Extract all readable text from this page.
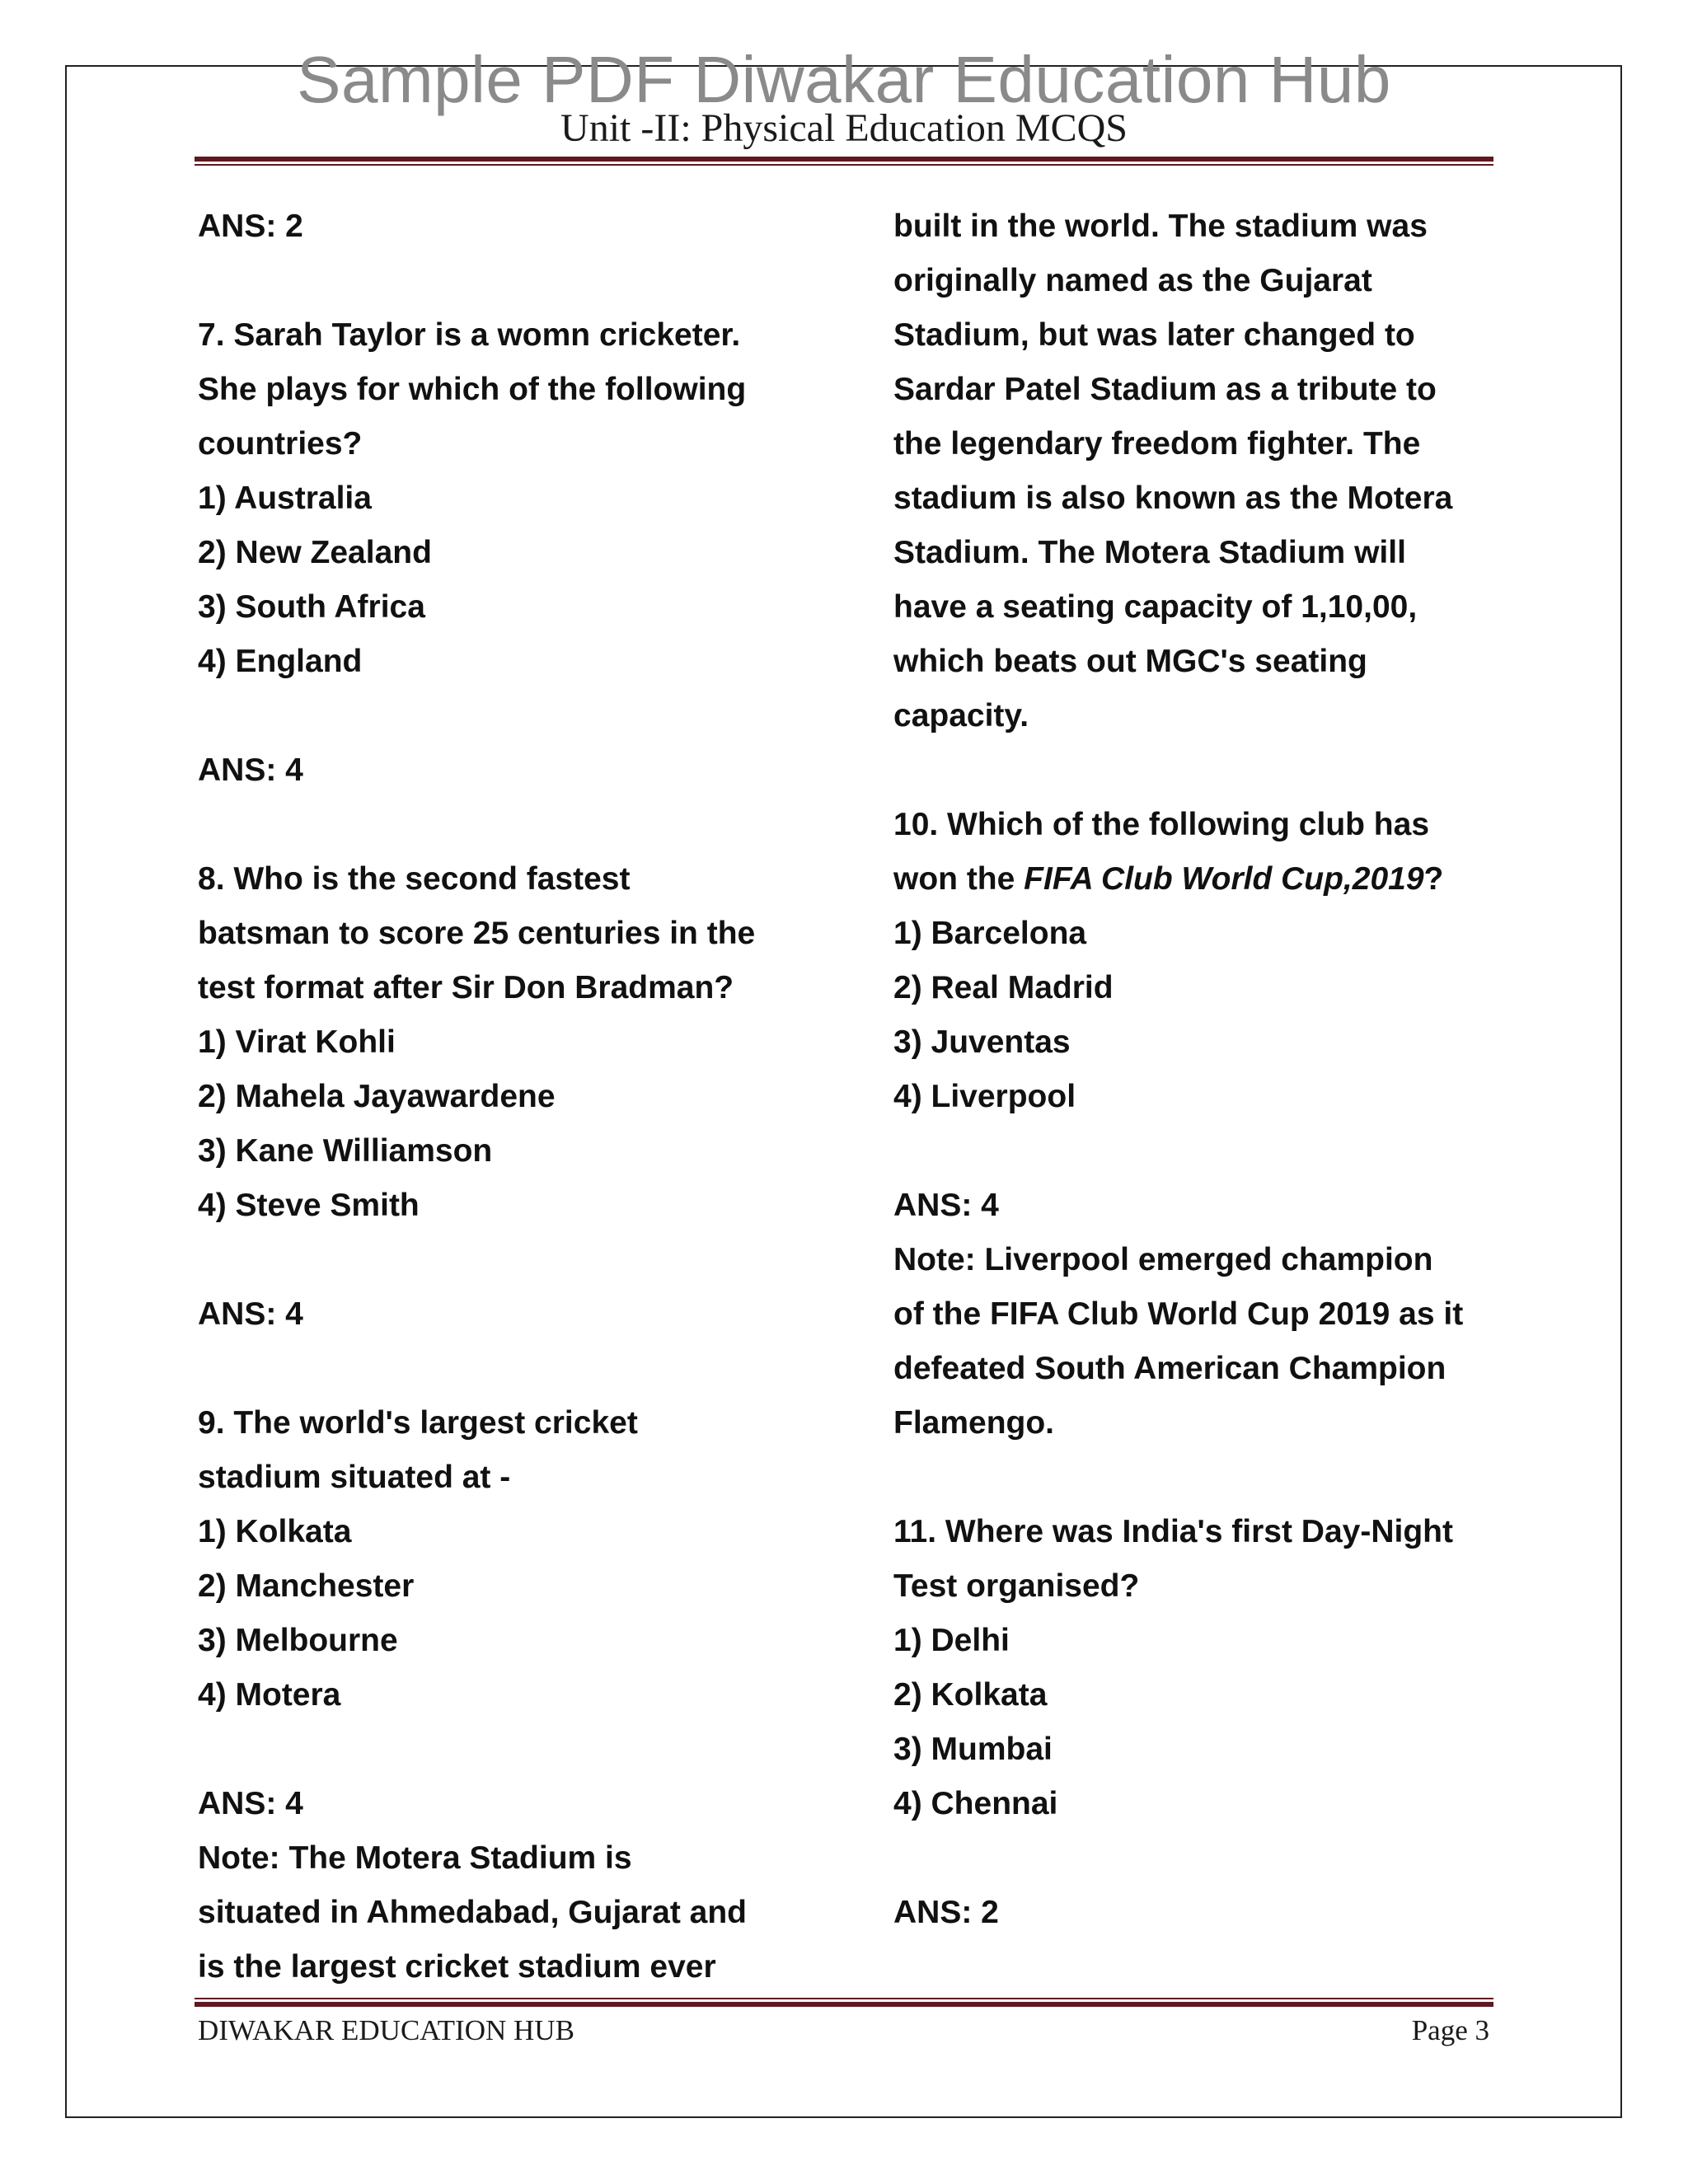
Sample PDF Diwakar Education Hub
Unit -II: Physical Education MCQS
ANS: 2
7. Sarah Taylor is a womn cricketer.
She plays for which of the following
countries?
1) Australia
2) New Zealand
3) South Africa
4) England
ANS: 4
8. Who is the second fastest
batsman to score 25 centuries in the
test format after Sir Don Bradman?
1) Virat Kohli
2) Mahela Jayawardene
3) Kane Williamson
4) Steve Smith
ANS: 4
9. The world's largest cricket
stadium situated at -
1) Kolkata
2) Manchester
3) Melbourne
4) Motera
ANS: 4
Note: The Motera Stadium is
situated in Ahmedabad, Gujarat and
is the largest cricket stadium ever
built in the world. The stadium was
originally named as the Gujarat
Stadium, but was later changed to
Sardar Patel Stadium as a tribute to
the legendary freedom fighter. The
stadium is also known as the Motera
Stadium. The Motera Stadium will
have a seating capacity of 1,10,00,
which beats out MGC's seating
capacity.
10. Which of the following club has
won the FIFA Club World Cup,2019?
1) Barcelona
2) Real Madrid
3) Juventas
4) Liverpool
ANS: 4
Note: Liverpool emerged champion
of the FIFA Club World Cup 2019 as it
defeated South American Champion
Flamengo.
11. Where was India's first Day-Night
Test organised?
1) Delhi
2) Kolkata
3) Mumbai
4) Chennai
ANS: 2
DIWAKAR EDUCATION HUB	Page 3
